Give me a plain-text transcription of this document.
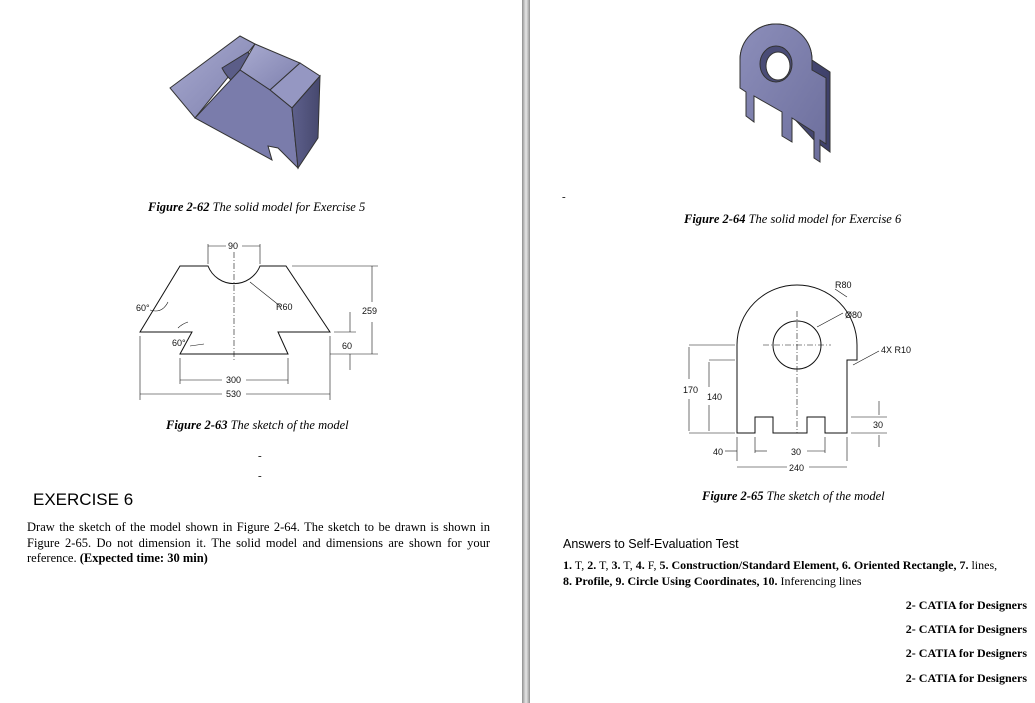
Figure 2-62 The solid model for Exercise 5
90
R60	259
60°
60°	60
300
530
Figure 2-63 The sketch of the model
-
-
EXERCISE 6
Draw the sketch of the model shown in Figure 2-64. The sketch to be drawn is shown in Figure 2-65. Do not dimension it. The solid model and dimensions are shown for your reference. (Expected time: 30 min)
-
Figure 2-64 The solid model for Exercise 6
R80
Ø80
4X R10
170
140
30
40	30
240
Figure 2-65 The sketch of the model
Answers to Self-Evaluation Test
1. T, 2. T, 3. T, 4. F, 5. Construction/Standard Element, 6. Oriented Rectangle, 7. lines, 8. Profile, 9. Circle Using Coordinates, 10. Inferencing lines
2- CATIA for Designers
2- CATIA for Designers
2- CATIA for Designers
2- CATIA for Designers
